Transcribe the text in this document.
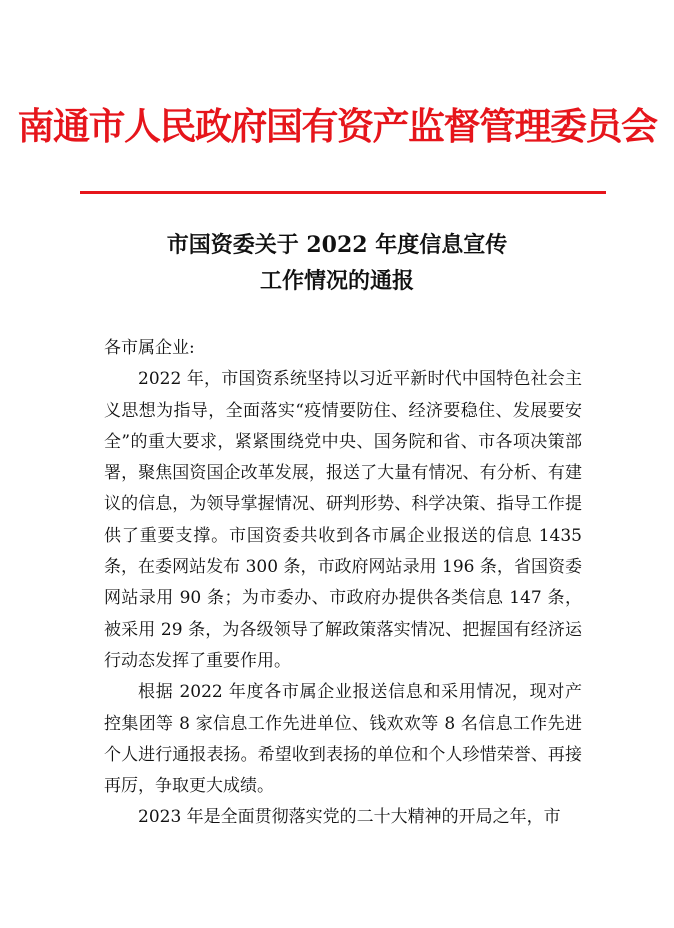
南通市人民政府国有资产监督管理委员会
市国资委关于 2022 年度信息宣传
工作情况的通报

各市属企业:

2022 年，市国资系统坚持以习近平新时代中国特色社会主义思想为指导，全面落实“疫情要防住、经济要稳住、发展要安全”的重大要求，紧紧围绕党中央、国务院和省、市各项决策部署，聚焦国资国企改革发展，报送了大量有情况、有分析、有建议的信息，为领导掌握情况、研判形势、科学决策、指导工作提供了重要支撑。市国资委共收到各市属企业报送的信息 1435 条，在委网站发布 300 条，市政府网站录用 196 条，省国资委网站录用 90 条；为市委办、市政府办提供各类信息 147 条，被采用 29 条，为各级领导了解政策落实情况、把握国有经济运行动态发挥了重要作用。

根据 2022 年度各市属企业报送信息和采用情况，现对产控集团等 8 家信息工作先进单位、钱欢欢等 8 名信息工作先进个人进行通报表扬。希望收到表扬的单位和个人珍惜荣誉、再接再厉，争取更大成绩。

2023 年是全面贯彻落实党的二十大精神的开局之年，市
